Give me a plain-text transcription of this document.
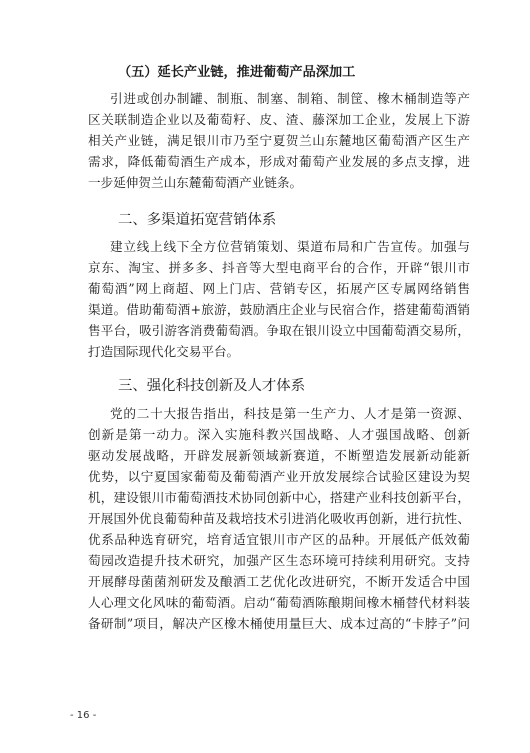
（五）延长产业链，推进葡萄产品深加工
引进或创办制罐、制瓶、制塞、制箱、制筐、橡木桶制造等产
区关联制造企业以及葡萄籽、皮、渣、藤深加工企业，发展上下游
相关产业链，满足银川市乃至宁夏贺兰山东麓地区葡萄酒产区生产
需求，降低葡萄酒生产成本，形成对葡萄产业发展的多点支撑，进
一步延伸贺兰山东麓葡萄酒产业链条。
二、多渠道拓宽营销体系
建立线上线下全方位营销策划、渠道布局和广告宣传。加强与
京东、淘宝、拼多多、抖音等大型电商平台的合作，开辟“银川市
葡萄酒”网上商超、网上门店、营销专区，拓展产区专属网络销售
渠道。借助葡萄酒+旅游，鼓励酒庄企业与民宿合作，搭建葡萄酒销
售平台，吸引游客消费葡萄酒。争取在银川设立中国葡萄酒交易所，
打造国际现代化交易平台。
三、强化科技创新及人才体系
党的二十大报告指出，科技是第一生产力、人才是第一资源、
创新是第一动力。深入实施科教兴国战略、人才强国战略、创新
驱动发展战略，开辟发展新领域新赛道，不断塑造发展新动能新
优势，以宁夏国家葡萄及葡萄酒产业开放发展综合试验区建设为契
机，建设银川市葡萄酒技术协同创新中心，搭建产业科技创新平台，
开展国外优良葡萄种苗及栽培技术引进消化吸收再创新，进行抗性、
优系品种选育研究，培育适宜银川市产区的品种。开展低产低效葡
萄园改造提升技术研究，加强产区生态环境可持续利用研究。支持
开展酵母菌菌剂研发及酿酒工艺优化改进研究，不断开发适合中国
人心理文化风味的葡萄酒。启动“葡萄酒陈酿期间橡木桶替代材料装
备研制”项目，解决产区橡木桶使用量巨大、成本过高的“卡脖子”问
- 16 -
